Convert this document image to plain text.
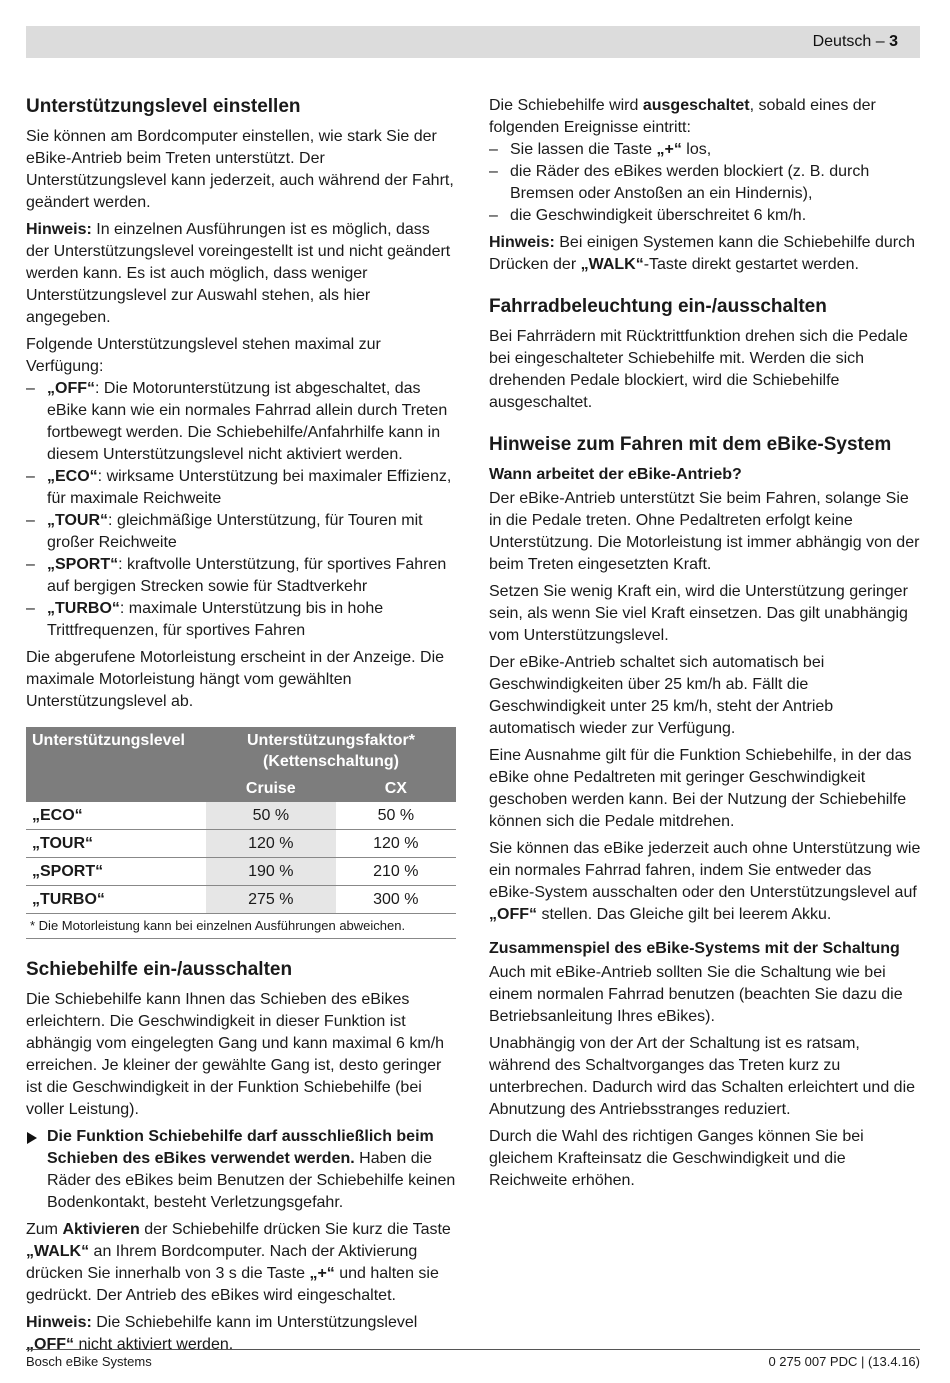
Deutsch – 3
Unterstützungslevel einstellen

Sie können am Bordcomputer einstellen, wie stark Sie der eBike-Antrieb beim Treten unterstützt. Der Unterstützungslevel kann jederzeit, auch während der Fahrt, geändert werden.

Hinweis: In einzelnen Ausführungen ist es möglich, dass der Unterstützungslevel voreingestellt ist und nicht geändert werden kann. Es ist auch möglich, dass weniger Unterstützungslevel zur Auswahl stehen, als hier angegeben.

Folgende Unterstützungslevel stehen maximal zur Verfügung:

– „OFF“: Die Motorunterstützung ist abgeschaltet, das eBike kann wie ein normales Fahrrad allein durch Treten fortbewegt werden. Die Schiebehilfe/Anfahrhilfe kann in diesem Unterstützungslevel nicht aktiviert werden.
– „ECO“: wirksame Unterstützung bei maximaler Effizienz, für maximale Reichweite
– „TOUR“: gleichmäßige Unterstützung, für Touren mit großer Reichweite
– „SPORT“: kraftvolle Unterstützung, für sportives Fahren auf bergigen Strecken sowie für Stadtverkehr
– „TURBO“: maximale Unterstützung bis in hohe Trittfrequenzen, für sportives Fahren

Die abgerufene Motorleistung erscheint in der Anzeige. Die maximale Motorleistung hängt vom gewählten Unterstützungslevel ab.

Unterstützungslevel	Unterstützungsfaktor*
(Kettenschaltung)	
	Cruise	CX
„ECO“	50 %	50 %
„TOUR“	120 %	120 %
„SPORT“	190 %	210 %
„TURBO“	275 %	300 %
* Die Motorleistung kann bei einzelnen Ausführungen abweichen.
Schiebehilfe ein-/ausschalten

Die Schiebehilfe kann Ihnen das Schieben des eBikes erleichtern. Die Geschwindigkeit in dieser Funktion ist abhängig vom eingelegten Gang und kann maximal 6 km/h erreichen. Je kleiner der gewählte Gang ist, desto geringer ist die Geschwindigkeit in der Funktion Schiebehilfe (bei voller Leistung).

Die Funktion Schiebehilfe darf ausschließlich beim Schieben des eBikes verwendet werden. Haben die Räder des eBikes beim Benutzen der Schiebehilfe keinen Bodenkontakt, besteht Verletzungsgefahr.

Zum Aktivieren der Schiebehilfe drücken Sie kurz die Taste „WALK“ an Ihrem Bordcomputer. Nach der Aktivierung drücken Sie innerhalb von 3 s die Taste „+“ und halten sie gedrückt. Der Antrieb des eBikes wird eingeschaltet.

Hinweis: Die Schiebehilfe kann im Unterstützungslevel „OFF“ nicht aktiviert werden.

Die Schiebehilfe wird ausgeschaltet, sobald eines der folgenden Ereignisse eintritt:

– Sie lassen die Taste „+“ los,
– die Räder des eBikes werden blockiert (z. B. durch Bremsen oder Anstoßen an ein Hindernis),
– die Geschwindigkeit überschreitet 6 km/h.

Hinweis: Bei einigen Systemen kann die Schiebehilfe durch Drücken der „WALK“-Taste direkt gestartet werden.

Fahrradbeleuchtung ein-/ausschalten

Bei Fahrrädern mit Rücktrittfunktion drehen sich die Pedale bei eingeschalteter Schiebehilfe mit. Werden die sich drehenden Pedale blockiert, wird die Schiebehilfe ausgeschaltet.

Hinweise zum Fahren mit dem eBike-System
Wann arbeitet der eBike-Antrieb?

Der eBike-Antrieb unterstützt Sie beim Fahren, solange Sie in die Pedale treten. Ohne Pedaltreten erfolgt keine Unterstützung. Die Motorleistung ist immer abhängig von der beim Treten eingesetzten Kraft.

Setzen Sie wenig Kraft ein, wird die Unterstützung geringer sein, als wenn Sie viel Kraft einsetzen. Das gilt unabhängig vom Unterstützungslevel.

Der eBike-Antrieb schaltet sich automatisch bei Geschwindigkeiten über 25 km/h ab. Fällt die Geschwindigkeit unter 25 km/h, steht der Antrieb automatisch wieder zur Verfügung.

Eine Ausnahme gilt für die Funktion Schiebehilfe, in der das eBike ohne Pedaltreten mit geringer Geschwindigkeit geschoben werden kann. Bei der Nutzung der Schiebehilfe können sich die Pedale mitdrehen.

Sie können das eBike jederzeit auch ohne Unterstützung wie ein normales Fahrrad fahren, indem Sie entweder das eBike-System ausschalten oder den Unterstützungslevel auf „OFF“ stellen. Das Gleiche gilt bei leerem Akku.

Zusammenspiel des eBike-Systems mit der Schaltung

Auch mit eBike-Antrieb sollten Sie die Schaltung wie bei einem normalen Fahrrad benutzen (beachten Sie dazu die Betriebsanleitung Ihres eBikes).

Unabhängig von der Art der Schaltung ist es ratsam, während des Schaltvorganges das Treten kurz zu unterbrechen. Dadurch wird das Schalten erleichtert und die Abnutzung des Antriebsstranges reduziert.

Durch die Wahl des richtigen Ganges können Sie bei gleichem Krafteinsatz die Geschwindigkeit und die Reichweite erhöhen.

Bosch eBike Systems	0 275 007 PDC | (13.4.16)
